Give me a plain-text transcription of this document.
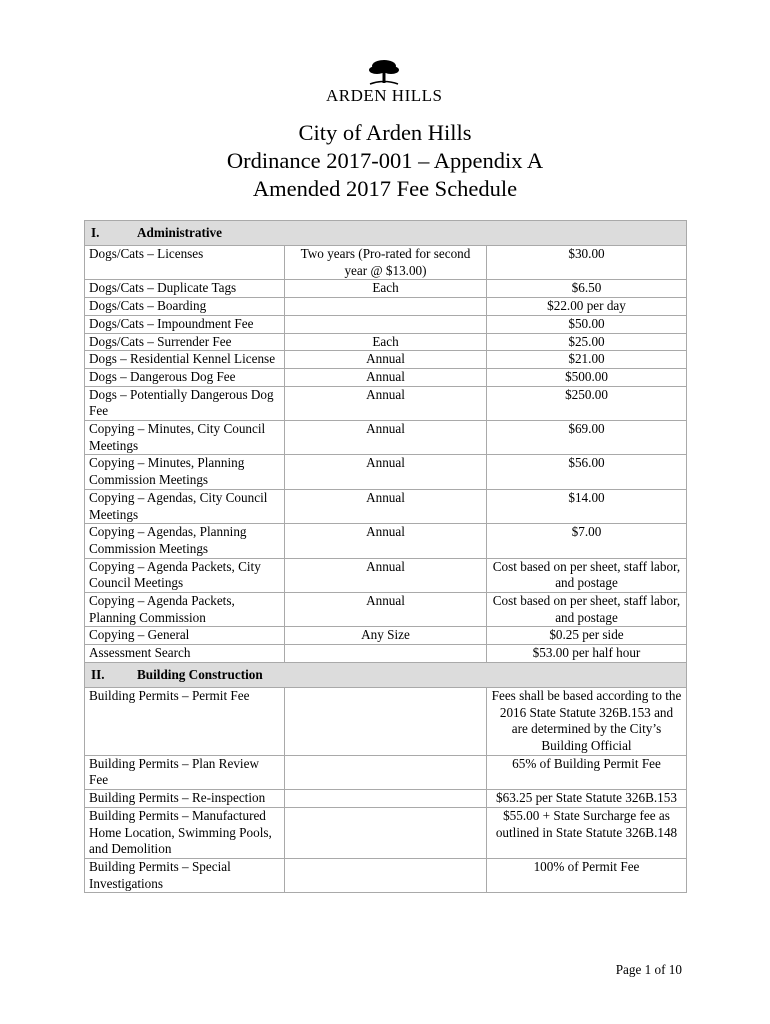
ARDEN HILLS
City of Arden Hills
Ordinance 2017-001 – Appendix A
Amended 2017 Fee Schedule
I. Administrative		
Dogs/Cats – Licenses	Two years (Pro-rated for second year @ $13.00)	$30.00
Dogs/Cats – Duplicate Tags	Each	$6.50
Dogs/Cats – Boarding		$22.00 per day
Dogs/Cats – Impoundment Fee		$50.00
Dogs/Cats – Surrender Fee	Each	$25.00
Dogs – Residential Kennel License	Annual	$21.00
Dogs – Dangerous Dog Fee	Annual	$500.00
Dogs – Potentially Dangerous Dog Fee	Annual	$250.00
Copying – Minutes, City Council Meetings	Annual	$69.00
Copying – Minutes, Planning Commission Meetings	Annual	$56.00
Copying – Agendas, City Council Meetings	Annual	$14.00
Copying – Agendas, Planning Commission Meetings	Annual	$7.00
Copying – Agenda Packets, City Council Meetings	Annual	Cost based on per sheet, staff labor, and postage
Copying – Agenda Packets, Planning Commission	Annual	Cost based on per sheet, staff labor, and postage
Copying – General	Any Size	$0.25 per side
Assessment Search		$53.00 per half hour
II. Building Construction		
Building Permits – Permit Fee		Fees shall be based according to the 2016 State Statute 326B.153 and are determined by the City’s Building Official
Building Permits – Plan Review Fee		65% of Building Permit Fee
Building Permits – Re-inspection		$63.25 per State Statute 326B.153
Building Permits – Manufactured Home Location, Swimming Pools, and Demolition		$55.00 + State Surcharge fee as outlined in State Statute 326B.148
Building Permits – Special Investigations		100% of Permit Fee
Page 1 of 10
